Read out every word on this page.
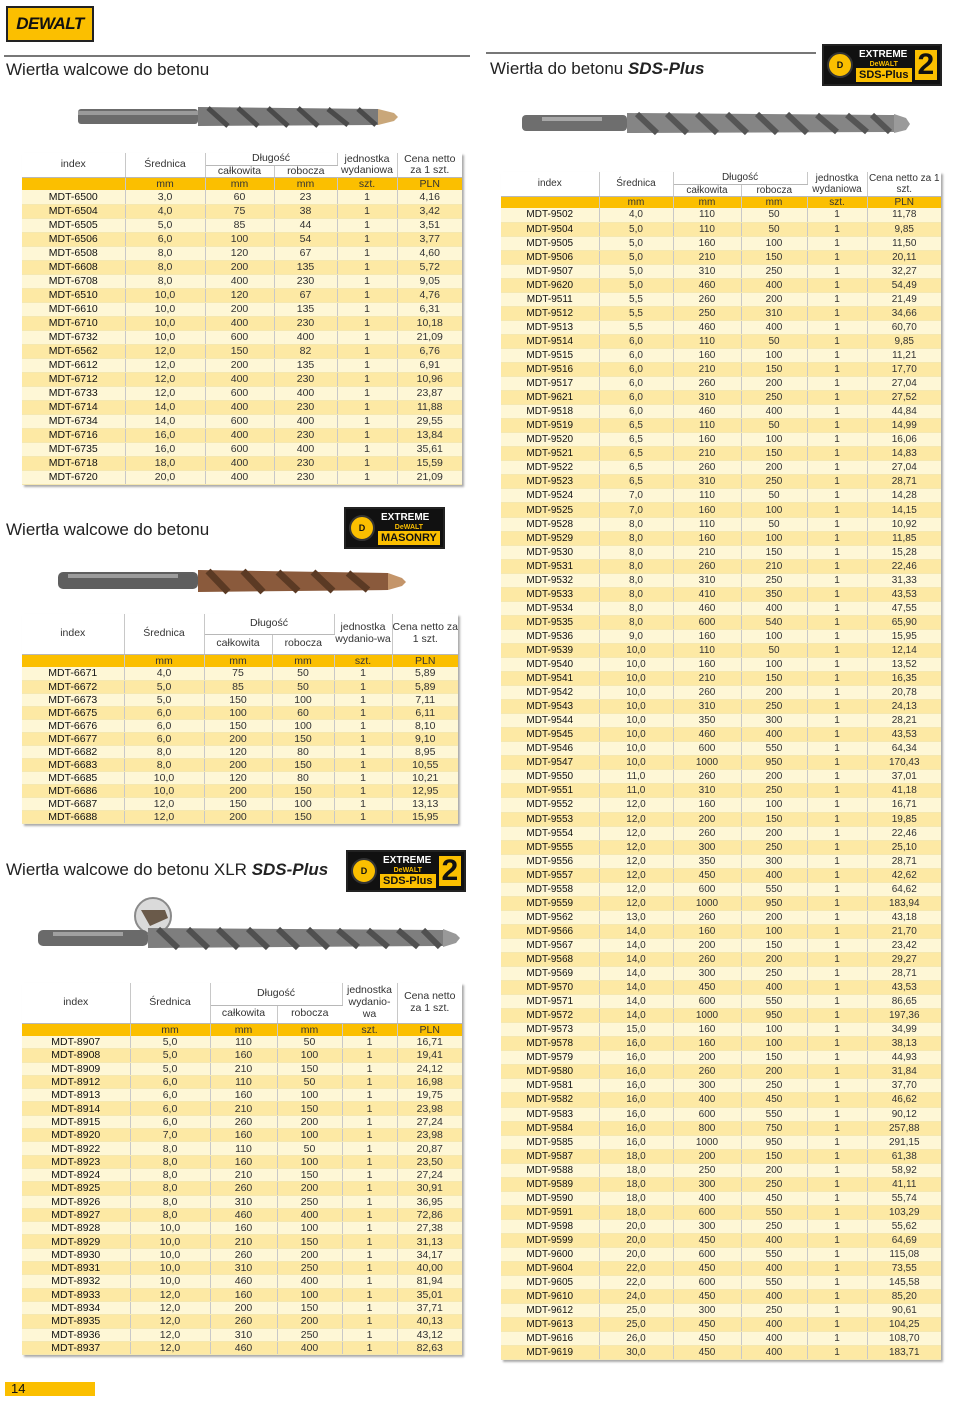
DEWALT
Wiertła walcowe do betonu	Wiertła do betonu SDS-Plus	D
EXTREME
DeWALT
SDS-Plus 2
Wiertła walcowe do betonu	D
EXTREME
DeWALT
MASONRY
Wiertła walcowe do betonu XLR SDS-Plus	D
EXTREME
DeWALT
SDS-Plus 2
index	Średnica	Długość		jednostka wydaniowa	Cena netto za 1 szt.
		całkowita	robocza		
	mm	mm	mm	szt.	PLN
MDT-6500	3,0	60	23	1	4,16
MDT-6504	4,0	75	38	1	3,42
MDT-6505	5,0	85	44	1	3,51
MDT-6506	6,0	100	54	1	3,77
MDT-6508	8,0	120	67	1	4,60
MDT-6608	8,0	200	135	1	5,72
MDT-6708	8,0	400	230	1	9,05
MDT-6510	10,0	120	67	1	4,76
MDT-6610	10,0	200	135	1	6,31
MDT-6710	10,0	400	230	1	10,18
MDT-6732	10,0	600	400	1	21,09
MDT-6562	12,0	150	82	1	6,76
MDT-6612	12,0	200	135	1	6,91
MDT-6712	12,0	400	230	1	10,96
MDT-6733	12,0	600	400	1	23,87
MDT-6714	14,0	400	230	1	11,88
MDT-6734	14,0	600	400	1	29,55
MDT-6716	16,0	400	230	1	13,84
MDT-6735	16,0	600	400	1	35,61
MDT-6718	18,0	400	230	1	15,59
MDT-6720	20,0	400	230	1	21,09
index	Średnica	Długość		jednostka wydanio-wa	Cena netto za 1 szt.
		całkowita	robocza		
	mm	mm	mm	szt.	PLN
MDT-6671	4,0	75	50	1	5,89
MDT-6672	5,0	85	50	1	5,89
MDT-6673	5,0	150	100	1	7,11
MDT-6675	6,0	100	60	1	6,11
MDT-6676	6,0	150	100	1	8,10
MDT-6677	6,0	200	150	1	9,10
MDT-6682	8,0	120	80	1	8,95
MDT-6683	8,0	200	150	1	10,55
MDT-6685	10,0	120	80	1	10,21
MDT-6686	10,0	200	150	1	12,95
MDT-6687	12,0	150	100	1	13,13
MDT-6688	12,0	200	150	1	15,95
index	Średnica	Długość		jednostka wydanio-wa	Cena netto za 1 szt.
		całkowita	robocza		
	mm	mm	mm	szt.	PLN
MDT-8907	5,0	110	50	1	16,71
MDT-8908	5,0	160	100	1	19,41
MDT-8909	5,0	210	150	1	24,12
MDT-8912	6,0	110	50	1	16,98
MDT-8913	6,0	160	100	1	19,75
MDT-8914	6,0	210	150	1	23,98
MDT-8915	6,0	260	200	1	27,24
MDT-8920	7,0	160	100	1	23,98
MDT-8922	8,0	110	50	1	20,87
MDT-8923	8,0	160	100	1	23,50
MDT-8924	8,0	210	150	1	27,24
MDT-8925	8,0	260	200	1	30,91
MDT-8926	8,0	310	250	1	36,95
MDT-8927	8,0	460	400	1	72,86
MDT-8928	10,0	160	100	1	27,38
MDT-8929	10,0	210	150	1	31,13
MDT-8930	10,0	260	200	1	34,17
MDT-8931	10,0	310	250	1	40,00
MDT-8932	10,0	460	400	1	81,94
MDT-8933	12,0	160	100	1	35,01
MDT-8934	12,0	200	150	1	37,71
MDT-8935	12,0	260	200	1	40,13
MDT-8936	12,0	310	250	1	43,12
MDT-8937	12,0	460	400	1	82,63
index	Średnica	Długość		jednostka wydaniowa	Cena netto za 1 szt.
		całkowita	robocza		
	mm	mm	mm	szt.	PLN
MDT-9502	4,0	110	50	1	11,78
MDT-9504	5,0	110	50	1	9,85
MDT-9505	5,0	160	100	1	11,50
MDT-9506	5,0	210	150	1	20,11
MDT-9507	5,0	310	250	1	32,27
MDT-9620	5,0	460	400	1	54,49
MDT-9511	5,5	260	200	1	21,49
MDT-9512	5,5	250	310	1	34,66
MDT-9513	5,5	460	400	1	60,70
MDT-9514	6,0	110	50	1	9,85
MDT-9515	6,0	160	100	1	11,21
MDT-9516	6,0	210	150	1	17,70
MDT-9517	6,0	260	200	1	27,04
MDT-9621	6,0	310	250	1	27,52
MDT-9518	6,0	460	400	1	44,84
MDT-9519	6,5	110	50	1	14,99
MDT-9520	6,5	160	100	1	16,06
MDT-9521	6,5	210	150	1	14,83
MDT-9522	6,5	260	200	1	27,04
MDT-9523	6,5	310	250	1	28,71
MDT-9524	7,0	110	50	1	14,28
MDT-9525	7,0	160	100	1	14,15
MDT-9528	8,0	110	50	1	10,92
MDT-9529	8,0	160	100	1	11,85
MDT-9530	8,0	210	150	1	15,28
MDT-9531	8,0	260	210	1	22,46
MDT-9532	8,0	310	250	1	31,33
MDT-9533	8,0	410	350	1	43,53
MDT-9534	8,0	460	400	1	47,55
MDT-9535	8,0	600	540	1	65,90
MDT-9536	9,0	160	100	1	15,95
MDT-9539	10,0	110	50	1	12,14
MDT-9540	10,0	160	100	1	13,52
MDT-9541	10,0	210	150	1	16,35
MDT-9542	10,0	260	200	1	20,78
MDT-9543	10,0	310	250	1	24,13
MDT-9544	10,0	350	300	1	28,21
MDT-9545	10,0	460	400	1	43,53
MDT-9546	10,0	600	550	1	64,34
MDT-9547	10,0	1000	950	1	170,43
MDT-9550	11,0	260	200	1	37,01
MDT-9551	11,0	310	250	1	41,18
MDT-9552	12,0	160	100	1	16,71
MDT-9553	12,0	200	150	1	19,85
MDT-9554	12,0	260	200	1	22,46
MDT-9555	12,0	300	250	1	25,10
MDT-9556	12,0	350	300	1	28,71
MDT-9557	12,0	450	400	1	42,62
MDT-9558	12,0	600	550	1	64,62
MDT-9559	12,0	1000	950	1	183,94
MDT-9562	13,0	260	200	1	43,18
MDT-9566	14,0	160	100	1	21,70
MDT-9567	14,0	200	150	1	23,42
MDT-9568	14,0	260	200	1	29,27
MDT-9569	14,0	300	250	1	28,71
MDT-9570	14,0	450	400	1	43,53
MDT-9571	14,0	600	550	1	86,65
MDT-9572	14,0	1000	950	1	197,36
MDT-9573	15,0	160	100	1	34,99
MDT-9578	16,0	160	100	1	38,13
MDT-9579	16,0	200	150	1	44,93
MDT-9580	16,0	260	200	1	31,84
MDT-9581	16,0	300	250	1	37,70
MDT-9582	16,0	400	450	1	46,62
MDT-9583	16,0	600	550	1	90,12
MDT-9584	16,0	800	750	1	257,88
MDT-9585	16,0	1000	950	1	291,15
MDT-9587	18,0	200	150	1	61,38
MDT-9588	18,0	250	200	1	58,92
MDT-9589	18,0	300	250	1	41,11
MDT-9590	18,0	400	450	1	55,74
MDT-9591	18,0	600	550	1	103,29
MDT-9598	20,0	300	250	1	55,62
MDT-9599	20,0	450	400	1	64,69
MDT-9600	20,0	600	550	1	115,08
MDT-9604	22,0	450	400	1	73,55
MDT-9605	22,0	600	550	1	145,58
MDT-9610	24,0	450	400	1	85,20
MDT-9612	25,0	300	250	1	90,61
MDT-9613	25,0	450	400	1	104,25
MDT-9616	26,0	450	400	1	108,70
MDT-9619	30,0	450	400	1	183,71
14
